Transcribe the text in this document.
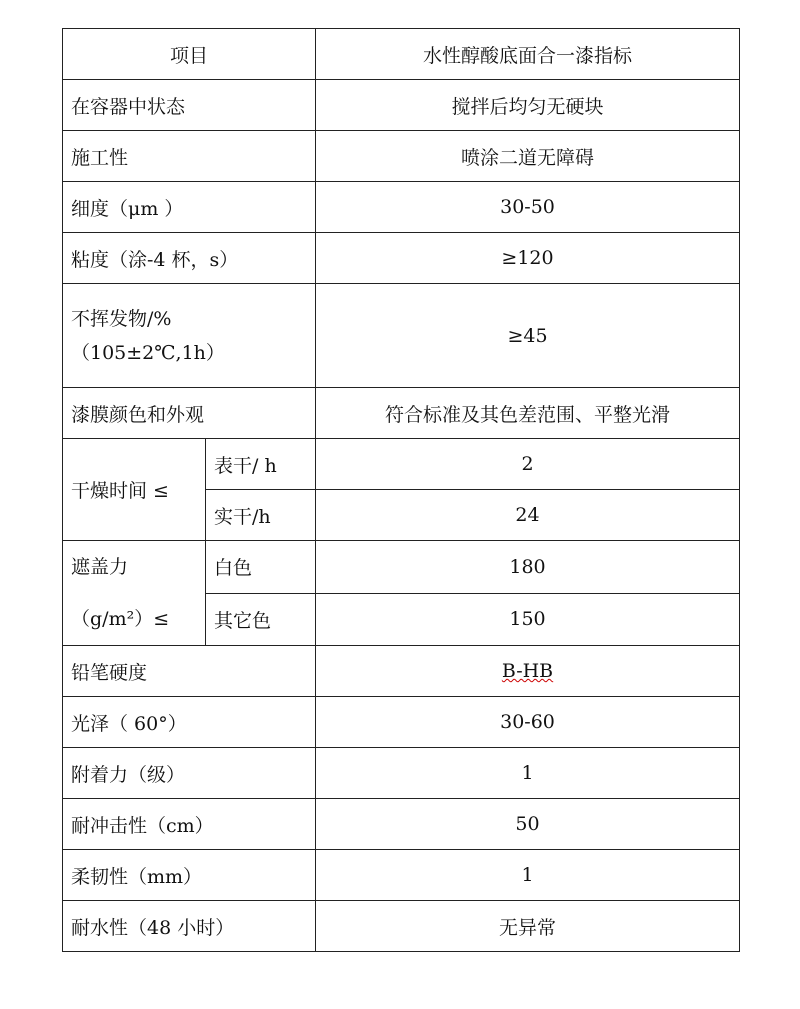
项目		水性醇酸底面合一漆指标
在容器中状态		搅拌后均匀无硬块
施工性		喷涂二道无障碍
细度（μm ）		30-50
粘度（涂-4 杯，s）		≥120
不挥发物/% （105±2℃,1h）		≥45
漆膜颜色和外观		符合标准及其色差范围、平整光滑
干燥时间 ≤	表干/ h	2
	实干/h	24
遮盖力（g/m²）≤	白色	180
	其它色	150
铅笔硬度		B-HB
光泽（ 60°）		30-60
附着力（级）		1
耐冲击性（cm）		50
柔韧性（mm）		1
耐水性（48 小时）		无异常
